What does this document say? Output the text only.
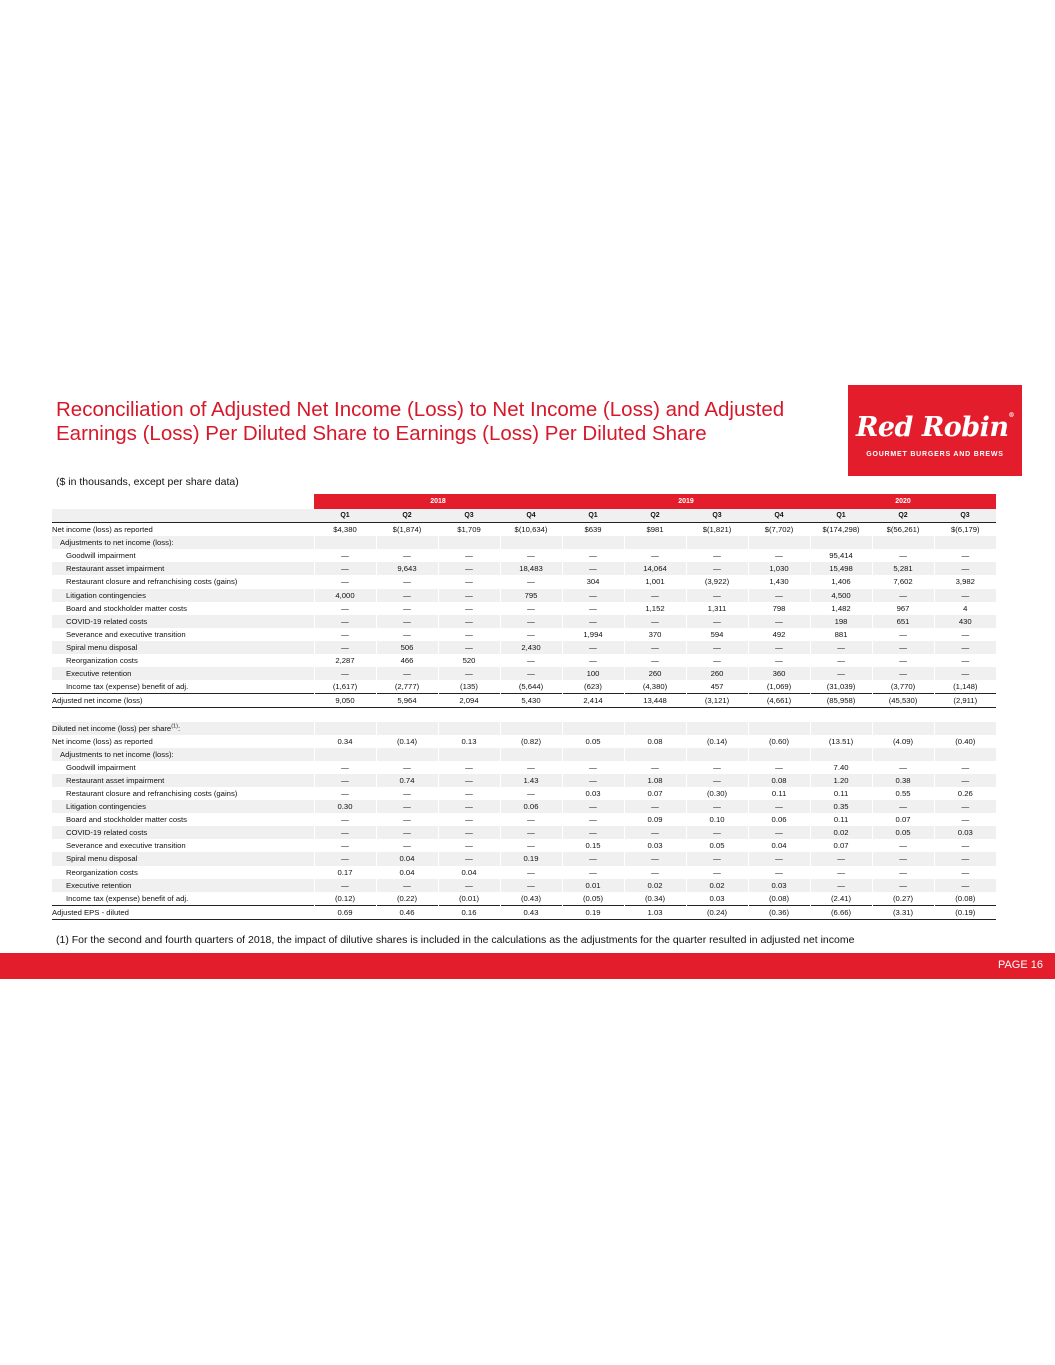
Reconciliation of Adjusted Net Income (Loss) to Net Income (Loss) and Adjusted Earnings (Loss) Per Diluted Share to Earnings (Loss) Per Diluted Share
($ in thousands, except per share data)
Red Robin®
GOURMET BURGERS AND BREWS
	2018				2019				2020		
	Q1	Q2	Q3	Q4	Q1	Q2	Q3	Q4	Q1	Q2	Q3
Net income (loss) as reported	$4,380	$(1,874)	$1,709	$(10,634)	$639	$981	$(1,821)	$(7,702)	$(174,298)	$(56,261)	$(6,179)
Adjustments to net income (loss):											
Goodwill impairment	—	—	—	—	—	—	—	—	95,414	—	—
Restaurant asset impairment	—	9,643	—	18,483	—	14,064	—	1,030	15,498	5,281	—
Restaurant closure and refranchising costs (gains)	—	—	—	—	304	1,001	(3,922)	1,430	1,406	7,602	3,982
Litigation contingencies	4,000	—	—	795	—	—	—	—	4,500	—	—
Board and stockholder matter costs	—	—	—	—	—	1,152	1,311	798	1,482	967	4
COVID-19 related costs	—	—	—	—	—	—	—	—	198	651	430
Severance and executive transition	—	—	—	—	1,994	370	594	492	881	—	—
Spiral menu disposal	—	506	—	2,430	—	—	—	—	—	—	—
Reorganization costs	2,287	466	520	—	—	—	—	—	—	—	—
Executive retention	—	—	—	—	100	260	260	360	—	—	—
Income tax (expense) benefit of adj.	(1,617)	(2,777)	(135)	(5,644)	(623)	(4,380)	457	(1,069)	(31,039)	(3,770)	(1,148)
Adjusted net income (loss)	9,050	5,964	2,094	5,430	2,414	13,448	(3,121)	(4,661)	(85,958)	(45,530)	(2,911)

Diluted net income (loss) per share$^{(1)}$:											
Net income (loss) as reported	0.34	(0.14)	0.13	(0.82)	0.05	0.08	(0.14)	(0.60)	(13.51)	(4.09)	(0.40)
Adjustments to net income (loss):											
Goodwill impairment	—	—	—	—	—	—	—	—	7.40	—	—
Restaurant asset impairment	—	0.74	—	1.43	—	1.08	—	0.08	1.20	0.38	—
Restaurant closure and refranchising costs (gains)	—	—	—	—	0.03	0.07	(0.30)	0.11	0.11	0.55	0.26
Litigation contingencies	0.30	—	—	0.06	—	—	—	—	0.35	—	—
Board and stockholder matter costs	—	—	—	—	—	0.09	0.10	0.06	0.11	0.07	—
COVID-19 related costs	—	—	—	—	—	—	—	—	0.02	0.05	0.03
Severance and executive transition	—	—	—	—	0.15	0.03	0.05	0.04	0.07	—	—
Spiral menu disposal	—	0.04	—	0.19	—	—	—	—	—	—	—
Reorganization costs	0.17	0.04	0.04	—	—	—	—	—	—	—	—
Executive retention	—	—	—	—	0.01	0.02	0.02	0.03	—	—	—
Income tax (expense) benefit of adj.	(0.12)	(0.22)	(0.01)	(0.43)	(0.05)	(0.34)	0.03	(0.08)	(2.41)	(0.27)	(0.08)
Adjusted EPS - diluted	0.69	0.46	0.16	0.43	0.19	1.03	(0.24)	(0.36)	(6.66)	(3.31)	(0.19)
(1) For the second and fourth quarters of 2018, the impact of dilutive shares is included in the calculations as the adjustments for the quarter resulted in adjusted net income
PAGE 16
